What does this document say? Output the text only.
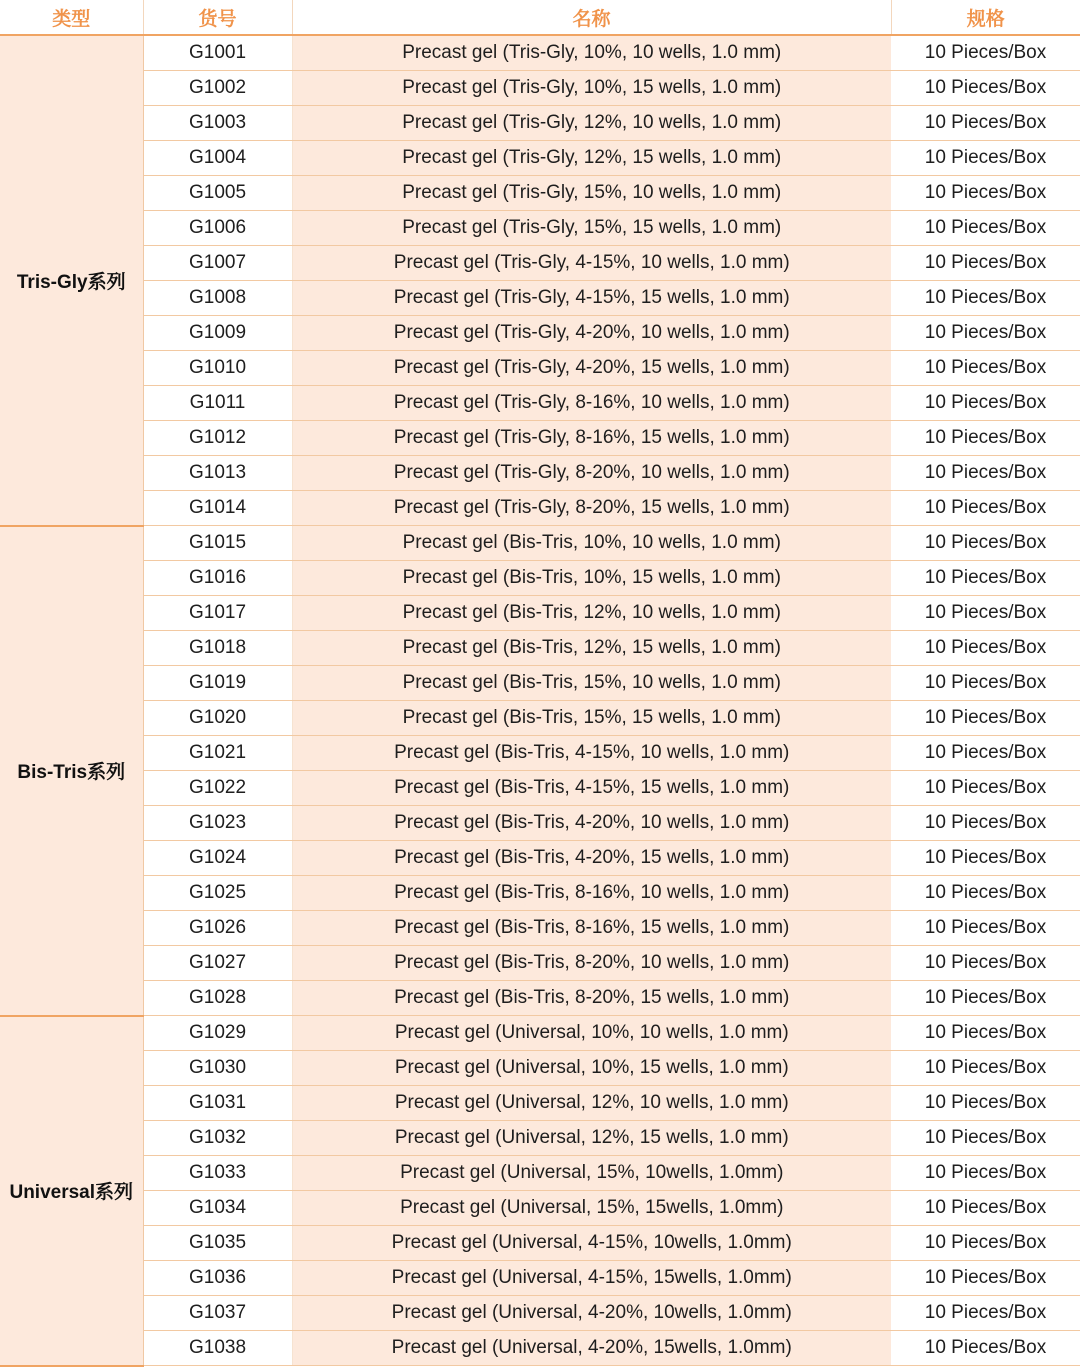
类型	货号	名称	规格
Tris-Gly系列	G1001	Precast gel (Tris-Gly, 10%, 10 wells, 1.0 mm)	10 Pieces/Box
	G1002	Precast gel (Tris-Gly, 10%, 15 wells, 1.0 mm)	10 Pieces/Box
	G1003	Precast gel (Tris-Gly, 12%, 10 wells, 1.0 mm)	10 Pieces/Box
	G1004	Precast gel (Tris-Gly, 12%, 15 wells, 1.0 mm)	10 Pieces/Box
	G1005	Precast gel (Tris-Gly, 15%, 10 wells, 1.0 mm)	10 Pieces/Box
	G1006	Precast gel (Tris-Gly, 15%, 15 wells, 1.0 mm)	10 Pieces/Box
	G1007	Precast gel (Tris-Gly, 4-15%, 10 wells, 1.0 mm)	10 Pieces/Box
	G1008	Precast gel (Tris-Gly, 4-15%, 15 wells, 1.0 mm)	10 Pieces/Box
	G1009	Precast gel (Tris-Gly, 4-20%, 10 wells, 1.0 mm)	10 Pieces/Box
	G1010	Precast gel (Tris-Gly, 4-20%, 15 wells, 1.0 mm)	10 Pieces/Box
	G1011	Precast gel (Tris-Gly, 8-16%, 10 wells, 1.0 mm)	10 Pieces/Box
	G1012	Precast gel (Tris-Gly, 8-16%, 15 wells, 1.0 mm)	10 Pieces/Box
	G1013	Precast gel (Tris-Gly, 8-20%, 10 wells, 1.0 mm)	10 Pieces/Box
	G1014	Precast gel (Tris-Gly, 8-20%, 15 wells, 1.0 mm)	10 Pieces/Box
Bis-Tris系列	G1015	Precast gel (Bis-Tris, 10%, 10 wells, 1.0 mm)	10 Pieces/Box
	G1016	Precast gel (Bis-Tris, 10%, 15 wells, 1.0 mm)	10 Pieces/Box
	G1017	Precast gel (Bis-Tris, 12%, 10 wells, 1.0 mm)	10 Pieces/Box
	G1018	Precast gel (Bis-Tris, 12%, 15 wells, 1.0 mm)	10 Pieces/Box
	G1019	Precast gel (Bis-Tris, 15%, 10 wells, 1.0 mm)	10 Pieces/Box
	G1020	Precast gel (Bis-Tris, 15%, 15 wells, 1.0 mm)	10 Pieces/Box
	G1021	Precast gel (Bis-Tris, 4-15%, 10 wells, 1.0 mm)	10 Pieces/Box
	G1022	Precast gel (Bis-Tris, 4-15%, 15 wells, 1.0 mm)	10 Pieces/Box
	G1023	Precast gel (Bis-Tris, 4-20%, 10 wells, 1.0 mm)	10 Pieces/Box
	G1024	Precast gel (Bis-Tris, 4-20%, 15 wells, 1.0 mm)	10 Pieces/Box
	G1025	Precast gel (Bis-Tris, 8-16%, 10 wells, 1.0 mm)	10 Pieces/Box
	G1026	Precast gel (Bis-Tris, 8-16%, 15 wells, 1.0 mm)	10 Pieces/Box
	G1027	Precast gel (Bis-Tris, 8-20%, 10 wells, 1.0 mm)	10 Pieces/Box
	G1028	Precast gel (Bis-Tris, 8-20%, 15 wells, 1.0 mm)	10 Pieces/Box
Universal系列	G1029	Precast gel (Universal, 10%, 10 wells, 1.0 mm)	10 Pieces/Box
	G1030	Precast gel (Universal, 10%, 15 wells, 1.0 mm)	10 Pieces/Box
	G1031	Precast gel (Universal, 12%, 10 wells, 1.0 mm)	10 Pieces/Box
	G1032	Precast gel (Universal, 12%, 15 wells, 1.0 mm)	10 Pieces/Box
	G1033	Precast gel (Universal, 15%, 10wells, 1.0mm)	10 Pieces/Box
	G1034	Precast gel (Universal, 15%, 15wells, 1.0mm)	10 Pieces/Box
	G1035	Precast gel (Universal, 4-15%, 10wells, 1.0mm)	10 Pieces/Box
	G1036	Precast gel (Universal, 4-15%, 15wells, 1.0mm)	10 Pieces/Box
	G1037	Precast gel (Universal, 4-20%, 10wells, 1.0mm)	10 Pieces/Box
	G1038	Precast gel (Universal, 4-20%, 15wells, 1.0mm)	10 Pieces/Box
